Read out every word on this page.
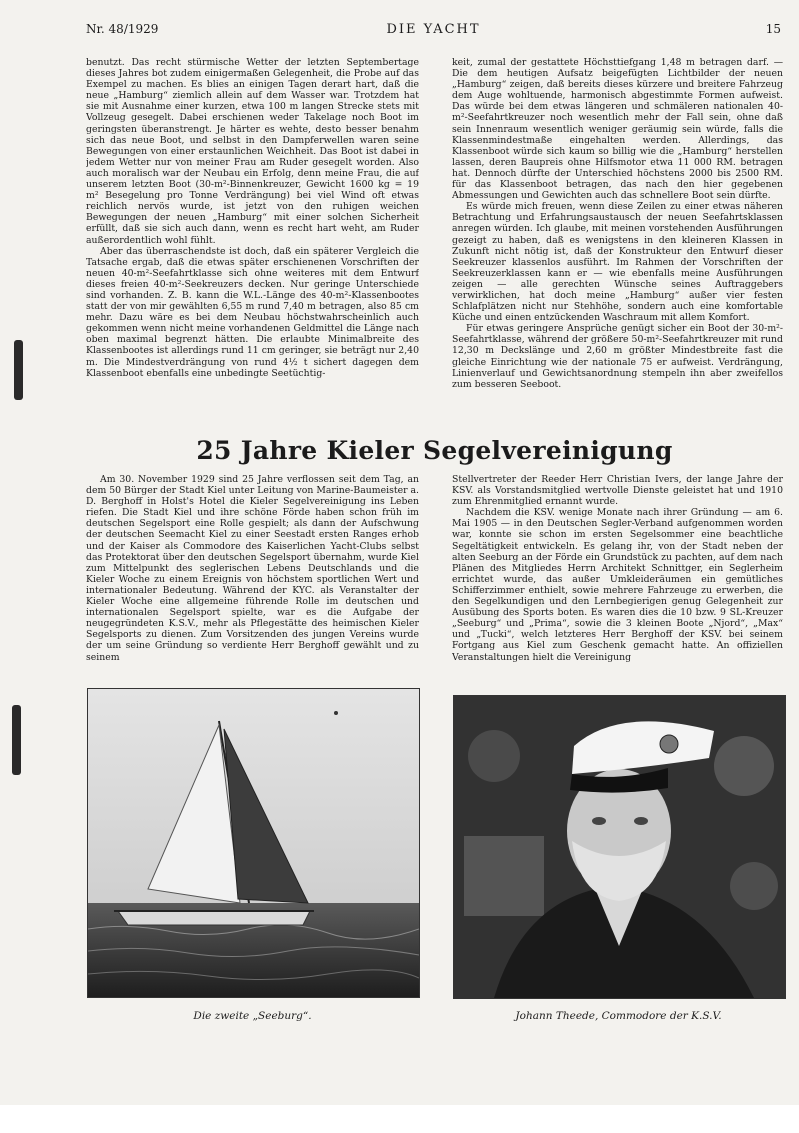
Nr. 48/1929	DIE YACHT	15

benutzt. Das recht stürmische Wetter der letzten Septembertage dieses Jahres bot zudem einigermaßen Gelegenheit, die Probe auf das Exempel zu machen. Es blies an einigen Tagen derart hart, daß die neue „Hamburg“ ziemlich allein auf dem Wasser war. Trotzdem hat sie mit Ausnahme einer kurzen, etwa 100 m langen Strecke stets mit Vollzeug gesegelt. Dabei erschienen weder Takelage noch Boot im geringsten überanstrengt. Je härter es wehte, desto besser benahm sich das neue Boot, und selbst in den Dampferwellen waren seine Bewegungen von einer erstaunlichen Weichheit. Das Boot ist dabei in jedem Wetter nur von meiner Frau am Ruder gesegelt worden. Also auch moralisch war der Neubau ein Erfolg, denn meine Frau, die auf unserem letzten Boot (30-m²-Binnenkreuzer, Gewicht 1600 kg = 19 m² Besegelung pro Tonne Verdrängung) bei viel Wind oft etwas reichlich nervös wurde, ist jetzt von den ruhigen weichen Bewegungen der neuen „Hamburg“ mit einer solchen Sicherheit erfüllt, daß sie sich auch dann, wenn es recht hart weht, am Ruder außerordentlich wohl fühlt.

Aber das überraschendste ist doch, daß ein späterer Vergleich die Tatsache ergab, daß die etwas später erschienenen Vorschriften der neuen 40-m²-Seefahrtklasse sich ohne weiteres mit dem Entwurf dieses freien 40-m²-Seekreuzers decken. Nur geringe Unterschiede sind vorhanden. Z. B. kann die W.L.-Länge des 40-m²-Klassenbootes statt der von mir gewählten 6,55 m rund 7,40 m betragen, also 85 cm mehr. Dazu wäre es bei dem Neubau höchstwahrscheinlich auch gekommen wenn nicht meine vorhandenen Geldmittel die Länge nach oben maximal begrenzt hätten. Die erlaubte Minimalbreite des Klassenbootes ist allerdings rund 11 cm geringer, sie beträgt nur 2,40 m. Die Mindestverdrängung von rund 4½ t sichert dagegen dem Klassenboot ebenfalls eine unbedingte Seetüchtig-

keit, zumal der gestattete Höchsttiefgang 1,48 m betragen darf. — Die dem heutigen Aufsatz beigefügten Lichtbilder der neuen „Hamburg“ zeigen, daß bereits dieses kürzere und breitere Fahrzeug dem Auge wohltuende, harmonisch abgestimmte Formen aufweist. Das würde bei dem etwas längeren und schmäleren nationalen 40-m²-Seefahrtkreuzer noch wesentlich mehr der Fall sein, ohne daß sein Innenraum wesentlich weniger geräumig sein würde, falls die Klassenmindestmaße eingehalten werden. Allerdings, das Klassenboot würde sich kaum so billig wie die „Hamburg“ herstellen lassen, deren Baupreis ohne Hilfsmotor etwa 11 000 RM. betragen hat. Dennoch dürfte der Unterschied höchstens 2000 bis 2500 RM. für das Klassenboot betragen, das nach den hier gegebenen Abmessungen und Gewichten auch das schnellere Boot sein dürfte.

Es würde mich freuen, wenn diese Zeilen zu einer etwas näheren Betrachtung und Erfahrungsaustausch der neuen Seefahrtsklassen anregen würden. Ich glaube, mit meinen vorstehenden Ausführungen gezeigt zu haben, daß es wenigstens in den kleineren Klassen in Zukunft nicht nötig ist, daß der Konstrukteur den Entwurf dieser Seekreuzer klassenlos ausführt. Im Rahmen der Vorschriften der Seekreuzerklassen kann er — wie ebenfalls meine Ausführungen zeigen — alle gerechten Wünsche seines Auftraggebers verwirklichen, hat doch meine „Hamburg“ außer vier festen Schlafplätzen nicht nur Stehhöhe, sondern auch eine komfortable Küche und einen entzückenden Waschraum mit allem Komfort.

Für etwas geringere Ansprüche genügt sicher ein Boot der 30-m²-Seefahrtklasse, während der größere 50-m²-Seefahrtkreuzer mit rund 12,30 m Deckslänge und 2,60 m größter Mindestbreite fast die gleiche Einrichtung wie der nationale 75 er aufweist. Verdrängung, Linienverlauf und Gewichtsanordnung stempeln ihn aber zweifellos zum besseren Seeboot.

25 Jahre Kieler Segelvereinigung

Am 30. November 1929 sind 25 Jahre verflossen seit dem Tag, an dem 50 Bürger der Stadt Kiel unter Leitung von Marine-Baumeister a. D. Berghoff in Holst's Hotel die Kieler Segelvereinigung ins Leben riefen. Die Stadt Kiel und ihre schöne Förde haben schon früh im deutschen Segelsport eine Rolle gespielt; als dann der Aufschwung der deutschen Seemacht Kiel zu einer Seestadt ersten Ranges erhob und der Kaiser als Commodore des Kaiserlichen Yacht-Clubs selbst das Protektorat über den deutschen Segelsport übernahm, wurde Kiel zum Mittelpunkt des seglerischen Lebens Deutschlands und die Kieler Woche zu einem Ereignis von höchstem sportlichen Wert und internationaler Bedeutung. Während der KYC. als Veranstalter der Kieler Woche eine allgemeine führende Rolle im deutschen und internationalen Segelsport spielte, war es die Aufgabe der neugegründeten K.S.V., mehr als Pflegestätte des heimischen Kieler Segelsports zu dienen. Zum Vorsitzenden des jungen Vereins wurde der um seine Gründung so verdiente Herr Berghoff gewählt und zu seinem

Stellvertreter der Reeder Herr Christian Ivers, der lange Jahre der KSV. als Vorstandsmitglied wertvolle Dienste geleistet hat und 1910 zum Ehrenmitglied ernannt wurde.

Nachdem die KSV. wenige Monate nach ihrer Gründung — am 6. Mai 1905 — in den Deutschen Segler-Verband aufgenommen worden war, konnte sie schon im ersten Segelsommer eine beachtliche Segeltätigkeit entwickeln. Es gelang ihr, von der Stadt neben der alten Seeburg an der Förde ein Grundstück zu pachten, auf dem nach Plänen des Mitgliedes Herrn Architekt Schnittger, ein Seglerheim errichtet wurde, das außer Umkleideräumen ein gemütliches Schifferzimmer enthielt, sowie mehrere Fahrzeuge zu erwerben, die den Segelkundigen und den Lernbegierigen genug Gelegenheit zur Ausübung des Sports boten. Es waren dies die 10 bzw. 9 SL-Kreuzer „Seeburg“ und „Prima“, sowie die 3 kleinen Boote „Njord“, „Max“ und „Tucki“, welch letzteres Herr Berghoff der KSV. bei seinem Fortgang aus Kiel zum Geschenk gemacht hatte. An offiziellen Veranstaltungen hielt die Vereinigung

Die zweite „Seeburg“.	Johann Theede, Commodore der K.S.V.
